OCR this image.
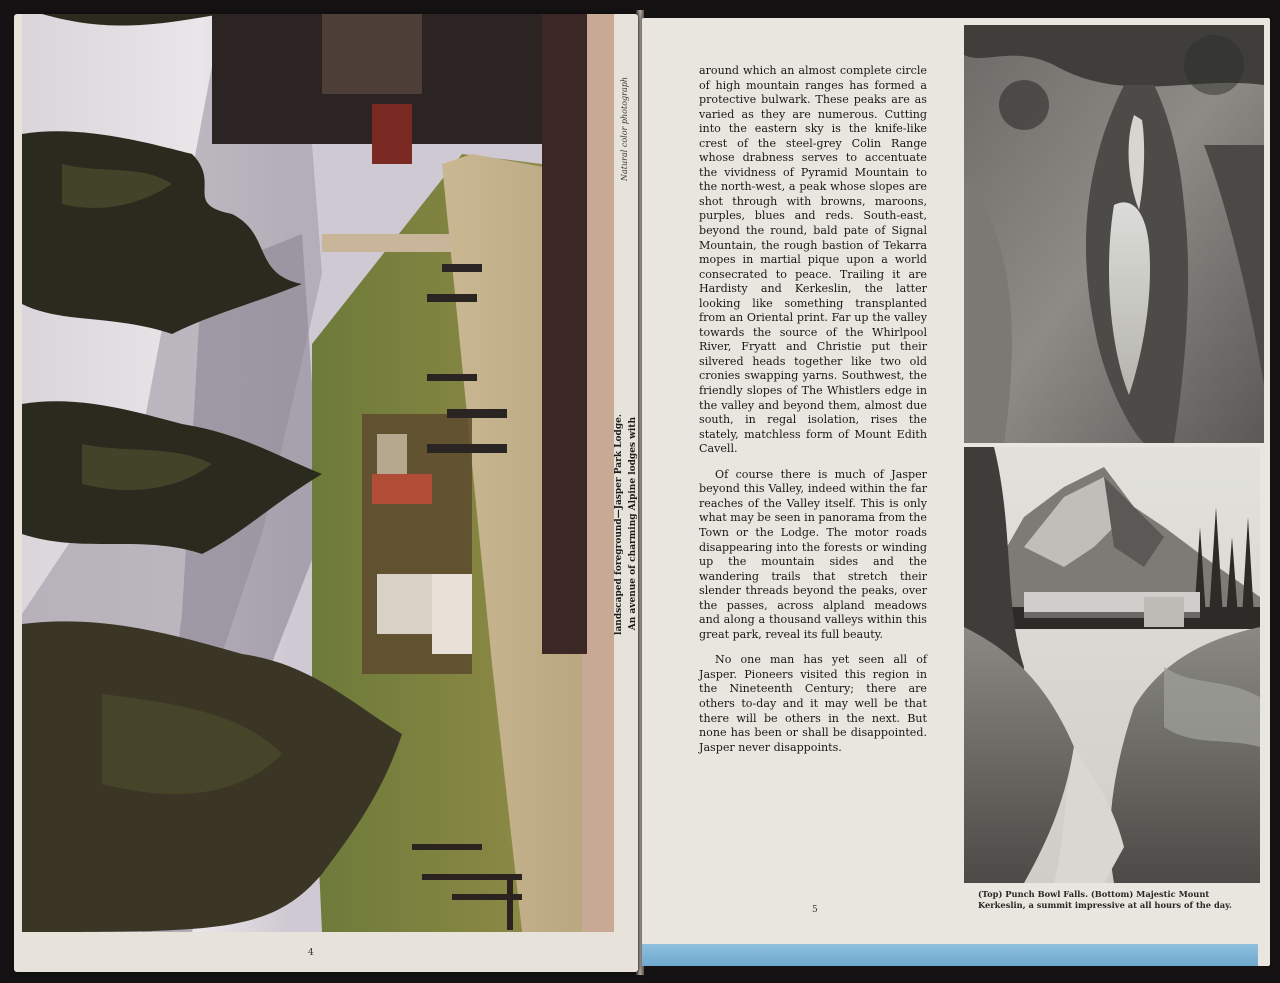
An avenue of charming Alpine lodges with
landscaped foreground—Jasper Park Lodge.
Natural color photograph
4

around which an almost complete circle of high mountain ranges has formed a protective bulwark. These peaks are as varied as they are numerous. Cutting into the eastern sky is the knife-like crest of the steel-grey Colin Range whose drabness serves to accentuate the vividness of Pyramid Mountain to the north-west, a peak whose slopes are shot through with browns, maroons, purples, blues and reds. South-east, beyond the round, bald pate of Signal Mountain, the rough bastion of Tekarra mopes in martial pique upon a world consecrated to peace. Trailing it are Hardisty and Kerkeslin, the latter looking like something transplanted from an Oriental print. Far up the valley towards the source of the Whirlpool River, Fryatt and Christie put their silvered heads together like two old cronies swapping yarns. Southwest, the friendly slopes of The Whistlers edge in the valley and beyond them, almost due south, in regal isolation, rises the stately, matchless form of Mount Edith Cavell.

Of course there is much of Jasper beyond this Valley, indeed within the far reaches of the Valley itself. This is only what may be seen in panorama from the Town or the Lodge. The motor roads disappearing into the forests or winding up the mountain sides and the wandering trails that stretch their slender threads beyond the peaks, over the passes, across alpland meadows and along a thousand valleys within this great park, reveal its full beauty.

No one man has yet seen all of Jasper. Pioneers visited this region in the Nineteenth Century; there are others to-day and it may well be that there will be others in the next. But none has been or shall be disappointed. Jasper never disappoints.

(Top) Punch Bowl Falls. (Bottom) Majestic Mount Kerkeslin, a summit impressive at all hours of the day.
5
